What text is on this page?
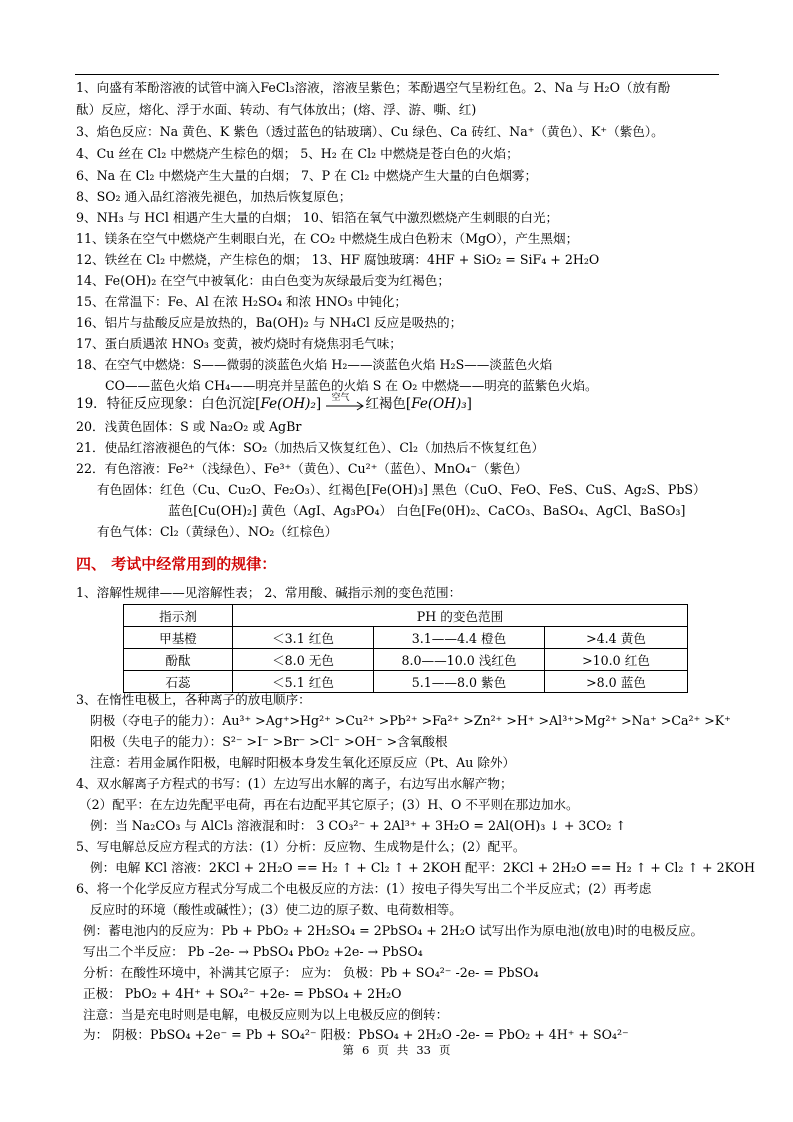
1、向盛有苯酚溶液的试管中滴入FeCl₃溶液，溶液呈紫色；苯酚遇空气呈粉红色。2、Na 与 H₂O（放有酚
酞）反应，熔化、浮于水面、转动、有气体放出；(熔、浮、游、嘶、红)
3、焰色反应：Na 黄色、K 紫色（透过蓝色的钴玻璃）、Cu 绿色、Ca 砖红、Na⁺（黄色）、K⁺（紫色）。
4、Cu 丝在 Cl₂ 中燃烧产生棕色的烟； 5、H₂ 在 Cl₂ 中燃烧是苍白色的火焰；
6、Na 在 Cl₂ 中燃烧产生大量的白烟； 7、P 在 Cl₂ 中燃烧产生大量的白色烟雾；
8、SO₂ 通入品红溶液先褪色，加热后恢复原色；
9、NH₃ 与 HCl 相遇产生大量的白烟； 10、铝箔在氧气中激烈燃烧产生刺眼的白光；
11、镁条在空气中燃烧产生刺眼白光，在 CO₂ 中燃烧生成白色粉末（MgO），产生黑烟；
12、铁丝在 Cl₂ 中燃烧，产生棕色的烟； 13、HF 腐蚀玻璃：4HF + SiO₂ = SiF₄ + 2H₂O
14、Fe(OH)₂ 在空气中被氧化：由白色变为灰绿最后变为红褐色；
15、在常温下：Fe、Al 在浓 H₂SO₄ 和浓 HNO₃ 中钝化；
16、铝片与盐酸反应是放热的，Ba(OH)₂ 与 NH₄Cl 反应是吸热的；
17、蛋白质遇浓 HNO₃ 变黄，被灼烧时有烧焦羽毛气味；
18、在空气中燃烧：S——微弱的淡蓝色火焰 H₂——淡蓝色火焰 H₂S——淡蓝色火焰
CO——蓝色火焰 CH₄——明亮并呈蓝色的火焰 S 在 O₂ 中燃烧——明亮的蓝紫色火焰。
19．特征反应现象：白色沉淀[Fe(OH)₂] 空气 红褐色[Fe(OH)₃]
20．浅黄色固体：S 或 Na₂O₂ 或 AgBr
21．使品红溶液褪色的气体：SO₂（加热后又恢复红色）、Cl₂（加热后不恢复红色）
22．有色溶液：Fe²⁺（浅绿色）、Fe³⁺（黄色）、Cu²⁺（蓝色）、MnO₄⁻（紫色）
有色固体：红色（Cu、Cu₂O、Fe₂O₃）、红褐色[Fe(OH)₃] 黑色（CuO、FeO、FeS、CuS、Ag₂S、PbS）
蓝色[Cu(OH)₂] 黄色（AgI、Ag₃PO₄） 白色[Fe(0H)₂、CaCO₃、BaSO₄、AgCl、BaSO₃]
有色气体：Cl₂（黄绿色）、NO₂（红棕色）
四、 考试中经常用到的规律：
1、溶解性规律——见溶解性表； 2、常用酸、碱指示剂的变色范围：
指示剂	PH 的变色范围		
甲基橙	＜3.1 红色	3.1——4.4 橙色	>4.4 黄色
酚酞	＜8.0 无色	8.0——10.0 浅红色	>10.0 红色
石蕊	＜5.1 红色	5.1——8.0 紫色	>8.0 蓝色
3、在惰性电极上，各种离子的放电顺序：
阴极（夺电子的能力）：Au³⁺ >Ag⁺>Hg²⁺ >Cu²⁺ >Pb²⁺ >Fa²⁺ >Zn²⁺ >H⁺ >Al³⁺>Mg²⁺ >Na⁺ >Ca²⁺ >K⁺
阳极（失电子的能力）：S²⁻ >I⁻ >Br⁻ >Cl⁻ >OH⁻ >含氧酸根
注意：若用金属作阳极，电解时阳极本身发生氧化还原反应（Pt、Au 除外）
4、双水解离子方程式的书写：(1）左边写出水解的离子，右边写出水解产物；
（2）配平：在左边先配平电荷，再在右边配平其它原子；(3）H、O 不平则在那边加水。
例：当 Na₂CO₃ 与 AlCl₃ 溶液混和时： 3 CO₃²⁻ + 2Al³⁺ + 3H₂O = 2Al(OH)₃ ↓ + 3CO₂ ↑
5、写电解总反应方程式的方法：(1）分析：反应物、生成物是什么；(2）配平。
例：电解 KCl 溶液：2KCl + 2H₂O == H₂ ↑ + Cl₂ ↑ + 2KOH 配平：2KCl + 2H₂O == H₂ ↑ + Cl₂ ↑ + 2KOH
6、将一个化学反应方程式分写成二个电极反应的方法：(1）按电子得失写出二个半反应式；(2）再考虑
反应时的环境（酸性或碱性）；(3）使二边的原子数、电荷数相等。
例：蓄电池内的反应为：Pb + PbO₂ + 2H₂SO₄ = 2PbSO₄ + 2H₂O 试写出作为原电池(放电)时的电极反应。
写出二个半反应： Pb –2e- → PbSO₄ PbO₂ +2e- → PbSO₄
分析：在酸性环境中，补满其它原子： 应为： 负极：Pb + SO₄²⁻ -2e- = PbSO₄
正极： PbO₂ + 4H⁺ + SO₄²⁻ +2e- = PbSO₄ + 2H₂O
注意：当是充电时则是电解，电极反应则为以上电极反应的倒转：
为： 阴极：PbSO₄ +2e⁻ = Pb + SO₄²⁻ 阳极：PbSO₄ + 2H₂O -2e- = PbO₂ + 4H⁺ + SO₄²⁻
第 6 页 共 33 页
